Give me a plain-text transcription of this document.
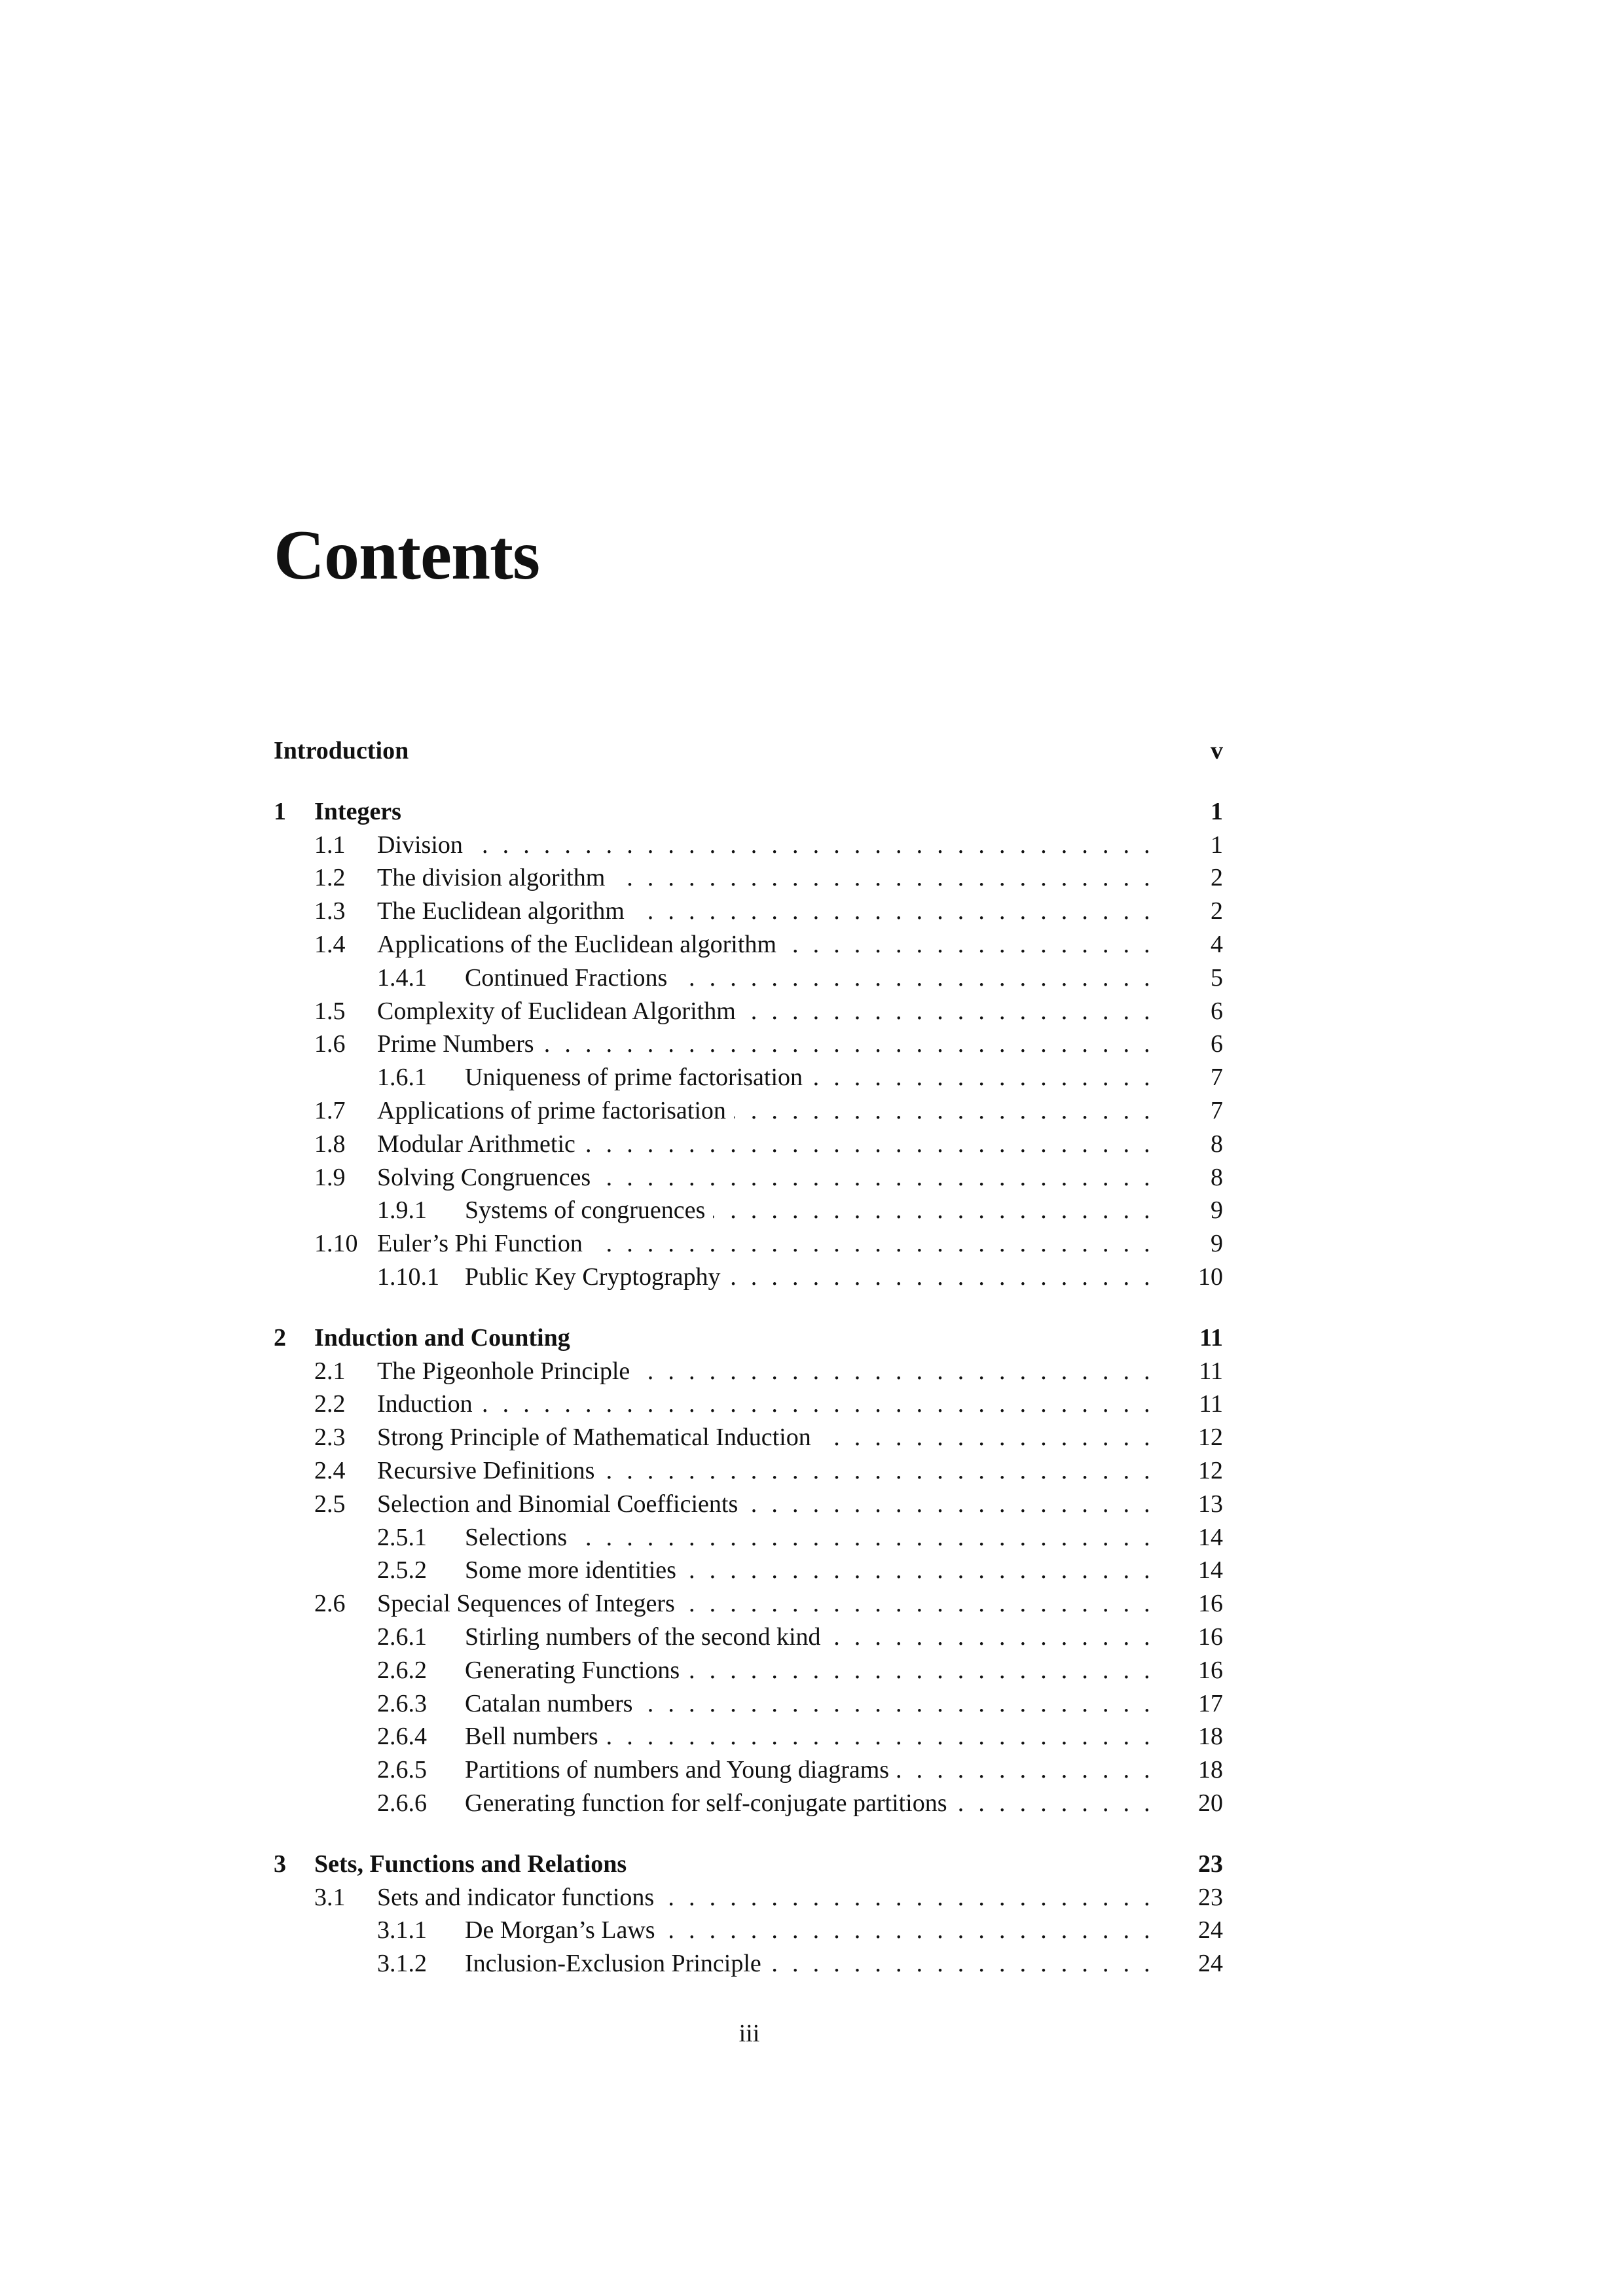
Contents
Introduction	v
1 Integers	1
1.1 Division . . .	1
1.2 The division algorithm . . .	2
1.3 The Euclidean algorithm . . .	2
1.4 Applications of the Euclidean algorithm . . .	4
1.4.1 Continued Fractions . . .	5
1.5 Complexity of Euclidean Algorithm . . .	6
1.6 Prime Numbers . . .	6
1.6.1 Uniqueness of prime factorisation . . .	7
1.7 Applications of prime factorisation . . .	7
1.8 Modular Arithmetic . . .	8
1.9 Solving Congruences . . .	8
1.9.1 Systems of congruences . . .	9
1.10 Euler’s Phi Function . . .	9
1.10.1 Public Key Cryptography . . .	10
2 Induction and Counting	11
2.1 The Pigeonhole Principle . . .	11
2.2 Induction . . .	11
2.3 Strong Principle of Mathematical Induction . . .	12
2.4 Recursive Definitions . . .	12
2.5 Selection and Binomial Coefficients . . .	13
2.5.1 Selections . . .	14
2.5.2 Some more identities . . .	14
2.6 Special Sequences of Integers . . .	16
2.6.1 Stirling numbers of the second kind . . .	16
2.6.2 Generating Functions . . .	16
2.6.3 Catalan numbers . . .	17
2.6.4 Bell numbers . . .	18
2.6.5 Partitions of numbers and Young diagrams . . .	18
2.6.6 Generating function for self-conjugate partitions . . .	20
3 Sets, Functions and Relations	23
3.1 Sets and indicator functions . . .	23
3.1.1 De Morgan’s Laws . . .	24
3.1.2 Inclusion-Exclusion Principle . . .	24

iii
